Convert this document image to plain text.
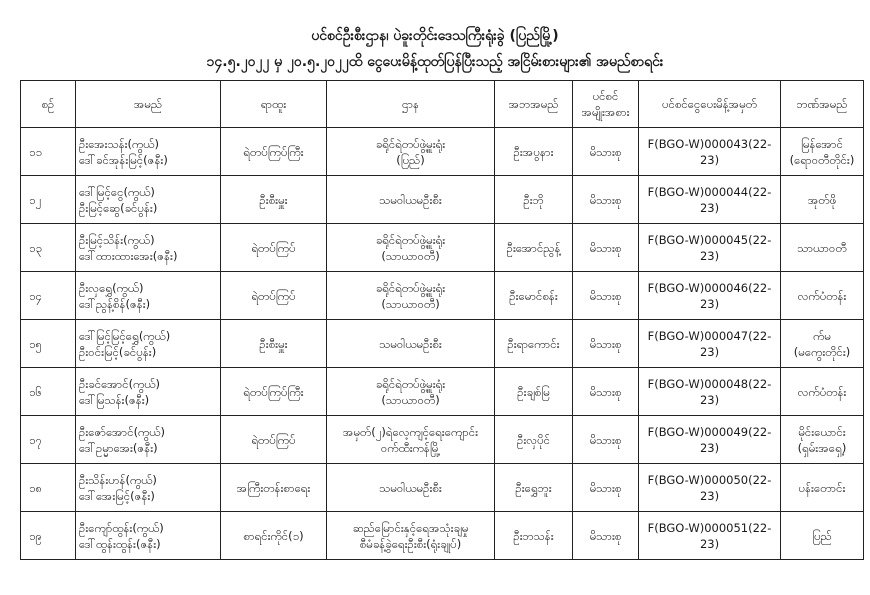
ပင်စင်ဦးစီးဌာန၊ ပဲခူးတိုင်းဒေသကြီးရုံးခွဲ (ပြည်မြို့)
၁၄.၅.၂၀၂၂ မှ ၂၀.၅.၂၀၂၂ထိ ငွေပေးမိန့်ထုတ်ပြန်ပြီးသည့် အငြိမ်းစားများ၏ အမည်စာရင်း
စဉ်	အမည်	ရာထူး	ဌာန	အဘအမည်	ပင်စင်
အမျိုးအစား	ပင်စင်ငွေပေးမိန့်အမှတ်	ဘဏ်အမည်

၁၁	ဦးအေးသန်း(ကွယ်)
ဒေါ်ခင်အုန်းမြင့်(ဇနီး)	ရဲတပ်ကြပ်ကြီး	ခရိုင်ရဲတပ်ဖွဲ့မှူးရုံး
(ပြည်)	ဦးအပွနား	မိသားစု	F(BGO-W)000043(22-23)	မြန်အောင်
(ရောဝတီတိုင်း)

၁၂	ဒေါ်မြင့်ငွေ(ကွယ်)
ဦးမြင့်ဆွေ(ခင်ပွန်း)	ဦးစီးမှူး	သမဝါယမဦးစီး	ဦးဘို	မိသားစု	F(BGO-W)000044(22-23)	အုတ်ဖို

၁၃	ဦးမြင့်သိန်း(ကွယ်)
ဒေါ်ထားထားအေး(ဇနီး)	ရဲတပ်ကြပ်	ခရိုင်ရဲတပ်ဖွဲ့မှူးရုံး
(သာယာဝတီ)	ဦးအောင်ညွန့်	မိသားစု	F(BGO-W)000045(22-23)	သာယာဝတီ

၁၄	ဦးလှရွှေ(ကွယ်)
ဒေါ်ညွန့်စိန်(ဇနီး)	ရဲတပ်ကြပ်	ခရိုင်ရဲတပ်ဖွဲ့မှူးရုံး
(သာယာဝတီ)	ဦးမောင်စန်း	မိသားစု	F(BGO-W)000046(22-23)	လက်ပံတန်း

၁၅	ဒေါ်မြင့်မြင့်ရွှေ(ကွယ်)
ဦးဝင်းမြင့်(ခင်ပွန်း)	ဦးစီးမှူး	သမဝါယမဦးစီး	ဦးရာကောင်း	မိသားစု	F(BGO-W)000047(22-23)	က်မ
(မကွေးတိုင်း)

၁၆	ဦးခင်အောင်(ကွယ်)
ဒေါ်မြသန်း(ဇနီး)	ရဲတပ်ကြပ်ကြီး	ခရိုင်ရဲတပ်ဖွဲ့မှူးရုံး
(သာယာဝတီ)	ဦးချစ်မြ	မိသားစု	F(BGO-W)000048(22-23)	လက်ပံတန်း

၁၇	ဦးဇော်အောင်(ကွယ်)
ဒေါ်ဥမ္မာအေး(ဇနီး)	ရဲတပ်ကြပ်	အမှတ်(၂)ရဲလေ့ကျင့်ရေးကျောင်း
ဝက်ထီးကန်မြို့	ဦးလှပိုင်	မိသားစု	F(BGO-W)000049(22-23)	မိုင်းယောင်း
(ရှမ်းအရှေ့)

၁၈	ဦးသိန်းဟန်(ကွယ်)
ဒေါ်အေးမြင့်(ဇနီး)	အကြီးတန်းစာရေး	သမဝါယမဦးစီး	ဦးရွှေဘူး	မိသားစု	F(BGO-W)000050(22-23)	ပန်းတောင်း

၁၉	ဦးကျော်ထွန်း(ကွယ်)
ဒေါ်ထွန်းထွန်း(ဇနီး)	စာရင်းကိုင်(၁)	ဆည်မြောင်းနှင့်ရေအသုံးချမှု
စီမံခန့်ခွဲရေးဦးစီး(ရုံးချုပ်)	ဦးဘသန်း	မိသားစု	F(BGO-W)000051(22-23)	ပြည်
